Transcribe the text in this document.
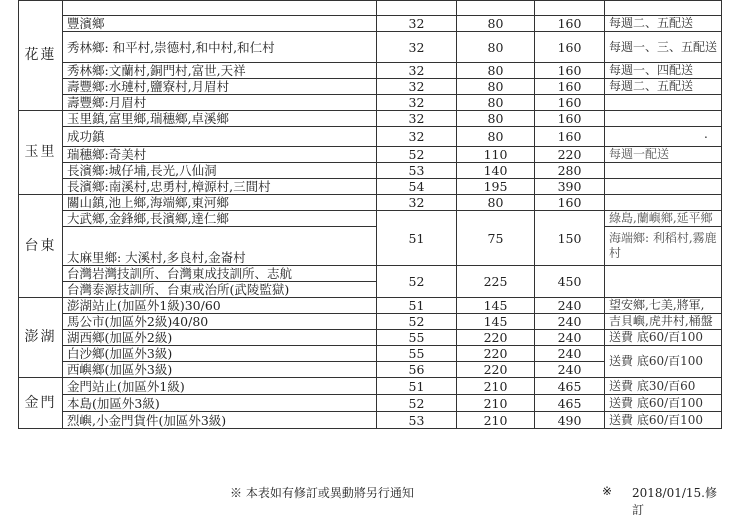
花蓮					
	豐濱鄉	32	80	160	每週二、五配送
	秀林鄉: 和平村,崇德村,和中村,和仁村	32	80	160	每週一、三、五配送
	秀林鄉:文蘭村,銅門村,富世,天祥	32	80	160	每週一、四配送
	壽豐鄉:水璉村,鹽寮村,月眉村	32	80	160	每週二、五配送
	壽豐鄉:月眉村	32	80	160	
玉里	玉里鎮,富里鄉,瑞穗鄉,卓溪鄉	32	80	160	
	成功鎮	32	80	160	
	瑞穗鄉:奇美村	52	110	220	每週一配送
	長濱鄉:城仔埔,長光,八仙洞	53	140	280	
	長濱鄉:南溪村,忠勇村,樟源村,三間村	54	195	390	
台東	關山鎮,池上鄉,海端鄉,東河鄉	32	80	160	
	大武鄉,金鋒鄉,長濱鄉,達仁鄉	51	75	150	綠島,蘭嶼鄉,延平鄉
	太麻里鄉: 大溪村,多良村,金崙村				海端鄉: 利稻村,霧鹿村
	台灣岩灣技訓所、台灣東成技訓所、志航	52	225	450	
	台灣泰源技訓所、台東戒治所(武陵監獄)				
澎湖	澎湖站止(加區外1級)30/60	51	145	240	望安鄉,七美,將軍,
	馬公市(加區外2級)40/80	52	145	240	吉貝嶼,虎井村,桶盤
	湖西鄉(加區外2級)	55	220	240	送費 底60/百100
	白沙鄉(加區外3級)	55	220	240	送費 底60/百100
	西嶼鄉(加區外3級)	56	220	240	
金門	金門站止(加區外1級)	51	210	465	送費 底30/百60
	本島(加區外3級)	52	210	465	送費 底60/百100
	烈嶼,小金門貨件(加區外3級)	53	210	490	送費 底60/百100
.
※ 本表如有修訂或異動將另行通知	※ 2018/01/15.修訂
